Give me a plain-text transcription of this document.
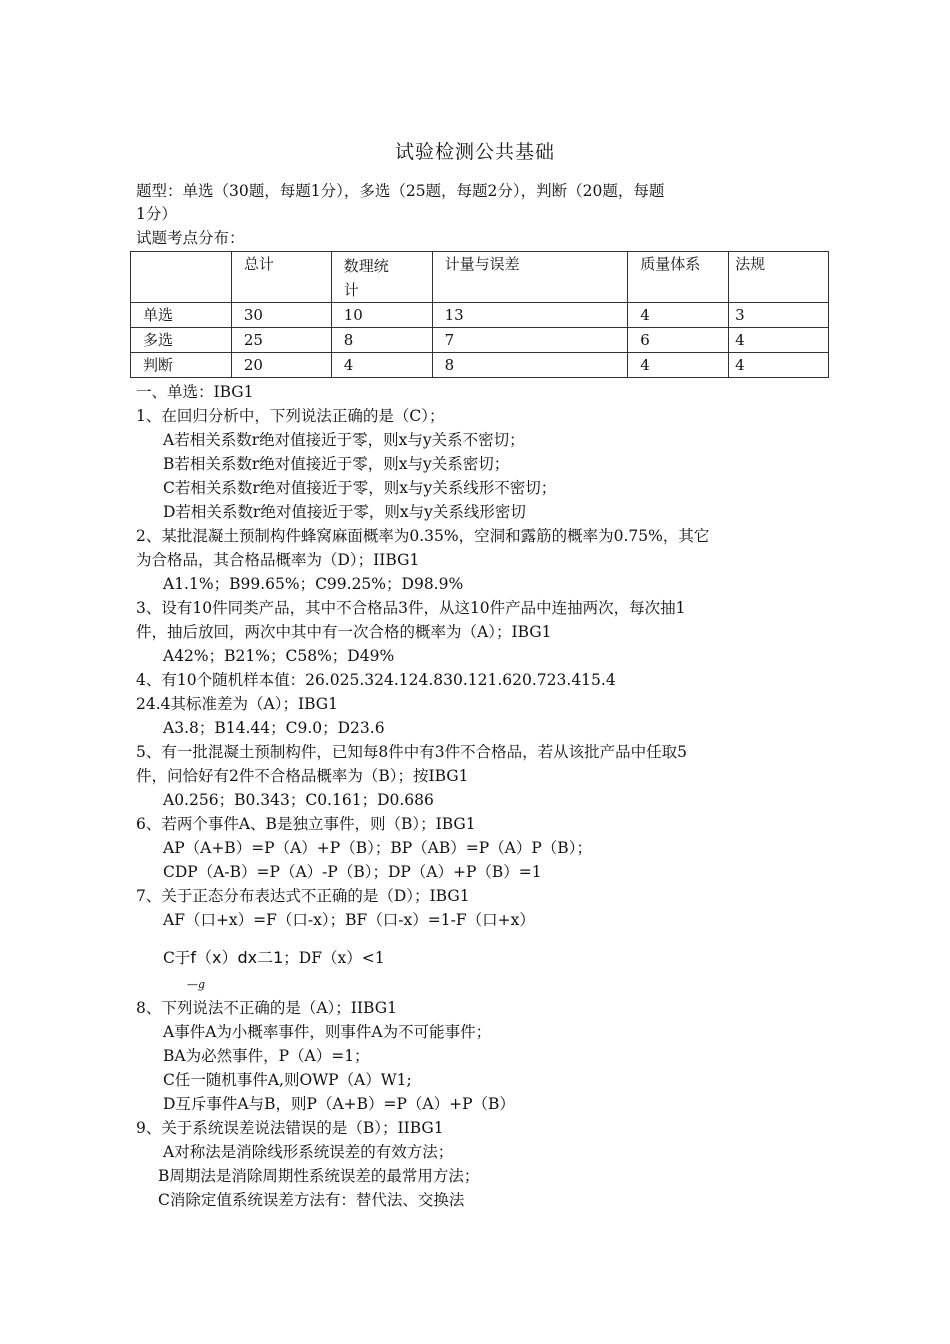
试验检测公共基础
题型：单选（30题，每题1分），多选（25题，每题2分），判断（20题，每题
1分）
试题考点分布：
	总计	数理统计	计量与误差	质量体系	法规
单选	30	10	13	4	3
多选	25	8	7	6	4
判断	20	4	8	4	4
一、单选：IBG1
1、在回归分析中，下列说法正确的是（C）；
A若相关系数r绝对值接近于零，则x与y关系不密切；
B若相关系数r绝对值接近于零，则x与y关系密切；
C若相关系数r绝对值接近于零，则x与y关系线形不密切；
D若相关系数r绝对值接近于零，则x与y关系线形密切
2、某批混凝土预制构件蜂窝麻面概率为0.35%，空洞和露筋的概率为0.75%，其它
为合格品，其合格品概率为（D）；IIBG1
A1.1%；B99.65%；C99.25%；D98.9%
3、设有10件同类产品，其中不合格品3件，从这10件产品中连抽两次，每次抽1
件，抽后放回，两次中其中有一次合格的概率为（A）；IBG1
A42%；B21%；C58%；D49%
4、有10个随机样本值：26.025.324.124.830.121.620.723.415.4
24.4其标准差为（A）；IBG1
A3.8；B14.44；C9.0；D23.6
5、有一批混凝土预制构件，已知每8件中有3件不合格品，若从该批产品中任取5
件，问恰好有2件不合格品概率为（B）；按IBG1
A0.256；B0.343；C0.161；D0.686
6、若两个事件A、B是独立事件，则（B）；IBG1
AP（A+B）=P（A）+P（B）；BP（AB）=P（A）P（B）；
CDP（A-B）=P（A）-P（B）；DP（A）+P（B）=1
7、关于正态分布表达式不正确的是（D）；IBG1
AF（口+x）=F（口-x）；BF（口-x）=1-F（口+x）
C于f（x）dx二1；DF（x）<1
—g
8、下列说法不正确的是（A）；IIBG1
A事件A为小概率事件，则事件A为不可能事件；
BA为必然事件，P（A）=1；
C任一随机事件A,则OWP（A）W1;
D互斥事件A与B，则P（A+B）=P（A）+P（B）
9、关于系统误差说法错误的是（B）；IIBG1
A对称法是消除线形系统误差的有效方法；
B周期法是消除周期性系统误差的最常用方法；
C消除定值系统误差方法有：替代法、交换法
